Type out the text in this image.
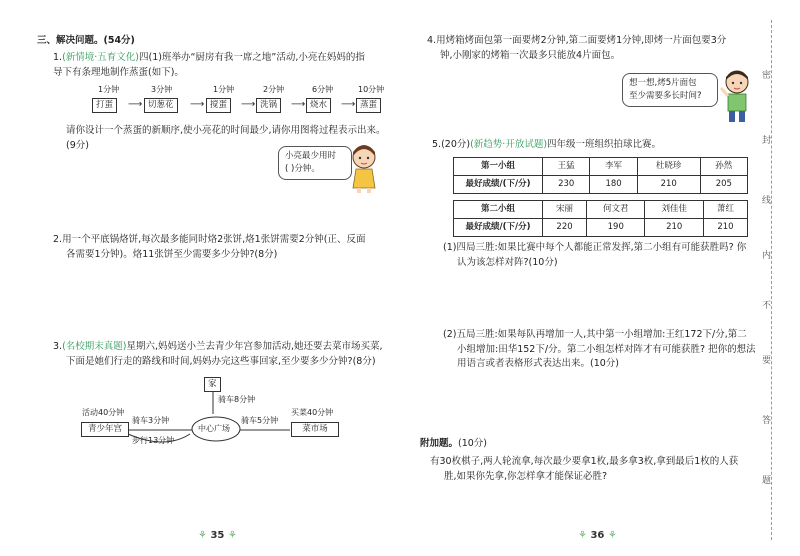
三、解决问题。(54分)
1.(新情境·五育文化)四(1)班举办“厨房有我一席之地”活动,小亮在妈妈的指
导下有条理地制作蒸蛋(如下)。
1分钟	3分钟	1分钟	2分钟	6分钟	10分钟
打蛋	⟶ 切葱花	⟶ 搅蛋	⟶ 洗锅	⟶ 烧水	⟶ 蒸蛋
请你设计一个蒸蛋的新顺序,使小亮花的时间最少,请你用图将过程表示出来。
(9分)
小亮最少用时
( )分钟。
2.用一个平底锅烙饼,每次最多能同时烙2张饼,烙1张饼需要2分钟(正、反面
各需要1分钟)。烙11张饼至少需要多少分钟?(8分)
3.(名校期末真题)星期六,妈妈送小兰去青少年宫参加活动,她还要去菜市场买菜,
下面是她们行走的路线和时间,妈妈办完这些事回家,至少要多少分钟?(8分)
家
骑车8分钟
中心广场
活动40分钟
青少年宫
骑车3分钟
步行13分钟
骑车5分钟
买菜40分钟
菜市场
⚘ 35 ⚘
4.用烤箱烤面包第一面要烤2分钟,第二面要烤1分钟,即烤一片面包要3分
钟,小刚家的烤箱一次最多只能放4片面包。
想一想,烤5片面包
至少需要多长时间?
5.(20分)(新趋势·开放试题)四年级一班组织拍球比赛。
第一小组	王猛	李军	杜晓珍	孙然
最好成绩/(下/分)	230	180	210	205
第二小组	宋丽	何文君	刘佳佳	萧红
最好成绩/(下/分)	220	190	210	210
(1)四局三胜:如果比赛中每个人都能正常发挥,第二小组有可能获胜吗? 你
认为该怎样对阵?(10分)
(2)五局三胜:如果每队再增加一人,其中第一小组增加:王红172下/分,第二
小组增加:田华152下/分。第二小组怎样对阵才有可能获胜? 把你的想法
用语言或者表格形式表达出来。(10分)
附加题。(10分)
有30枚棋子,两人轮流拿,每次最少要拿1枚,最多拿3枚,拿到最后1枚的人获
胜,如果你先拿,你怎样拿才能保证必胜?
⚘ 36 ⚘
密
封
线
内
不
要
答
题
